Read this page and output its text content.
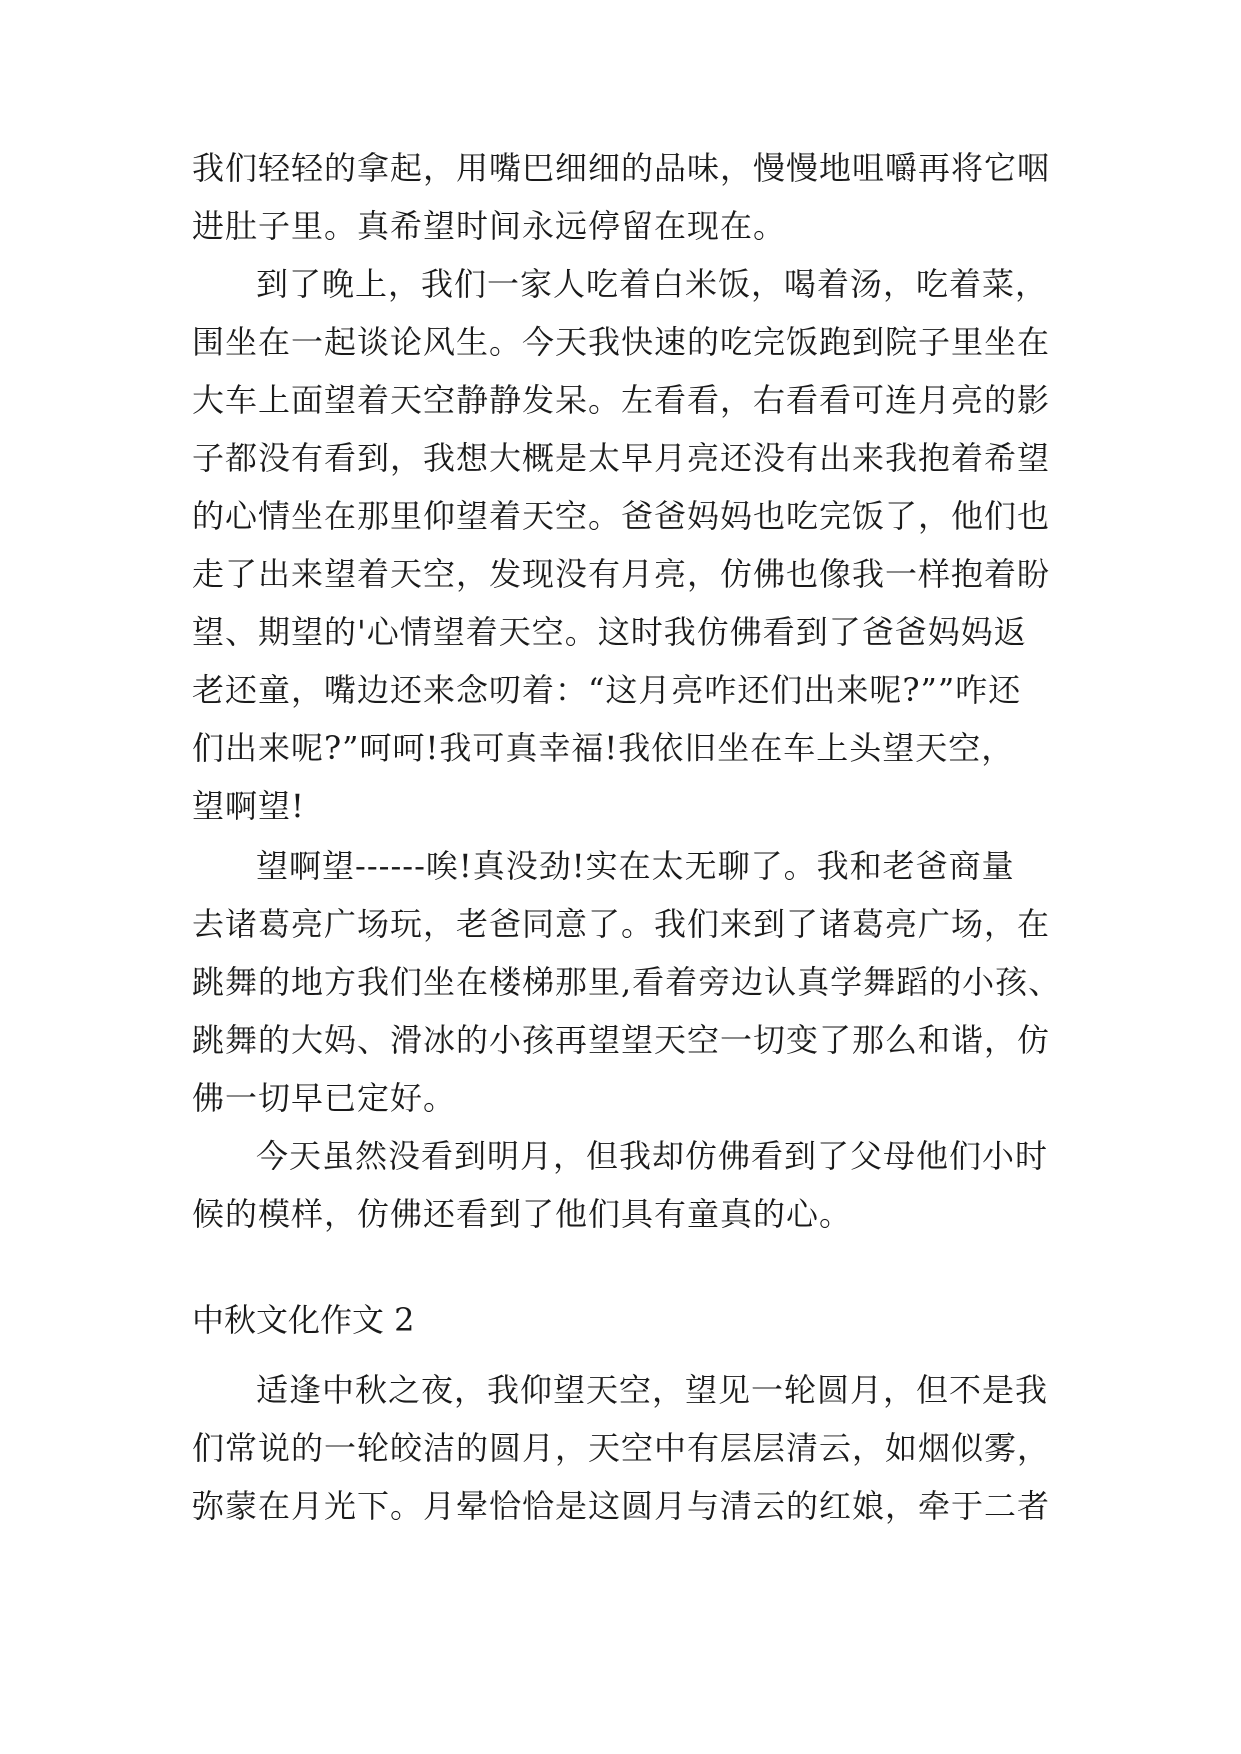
我们轻轻的拿起，用嘴巴细细的品味，慢慢地咀嚼再将它咽
进肚子里。真希望时间永远停留在现在。
到了晚上，我们一家人吃着白米饭，喝着汤，吃着菜，
围坐在一起谈论风生。今天我快速的吃完饭跑到院子里坐在
大车上面望着天空静静发呆。左看看，右看看可连月亮的影
子都没有看到，我想大概是太早月亮还没有出来我抱着希望
的心情坐在那里仰望着天空。爸爸妈妈也吃完饭了，他们也
走了出来望着天空，发现没有月亮，仿佛也像我一样抱着盼
望、期望的'心情望着天空。这时我仿佛看到了爸爸妈妈返
老还童，嘴边还来念叨着：“这月亮咋还们出来呢?””咋还
们出来呢?”呵呵!我可真幸福!我依旧坐在车上头望天空，
望啊望!
望啊望------唉!真没劲!实在太无聊了。我和老爸商量
去诸葛亮广场玩，老爸同意了。我们来到了诸葛亮广场，在
跳舞的地方我们坐在楼梯那里,看着旁边认真学舞蹈的小孩、
跳舞的大妈、滑冰的小孩再望望天空一切变了那么和谐，仿
佛一切早已定好。
今天虽然没看到明月，但我却仿佛看到了父母他们小时
候的模样，仿佛还看到了他们具有童真的心。
中秋文化作文 2
适逢中秋之夜，我仰望天空，望见一轮圆月，但不是我
们常说的一轮皎洁的圆月，天空中有层层清云，如烟似雾，
弥蒙在月光下。月晕恰恰是这圆月与清云的红娘，牵于二者
